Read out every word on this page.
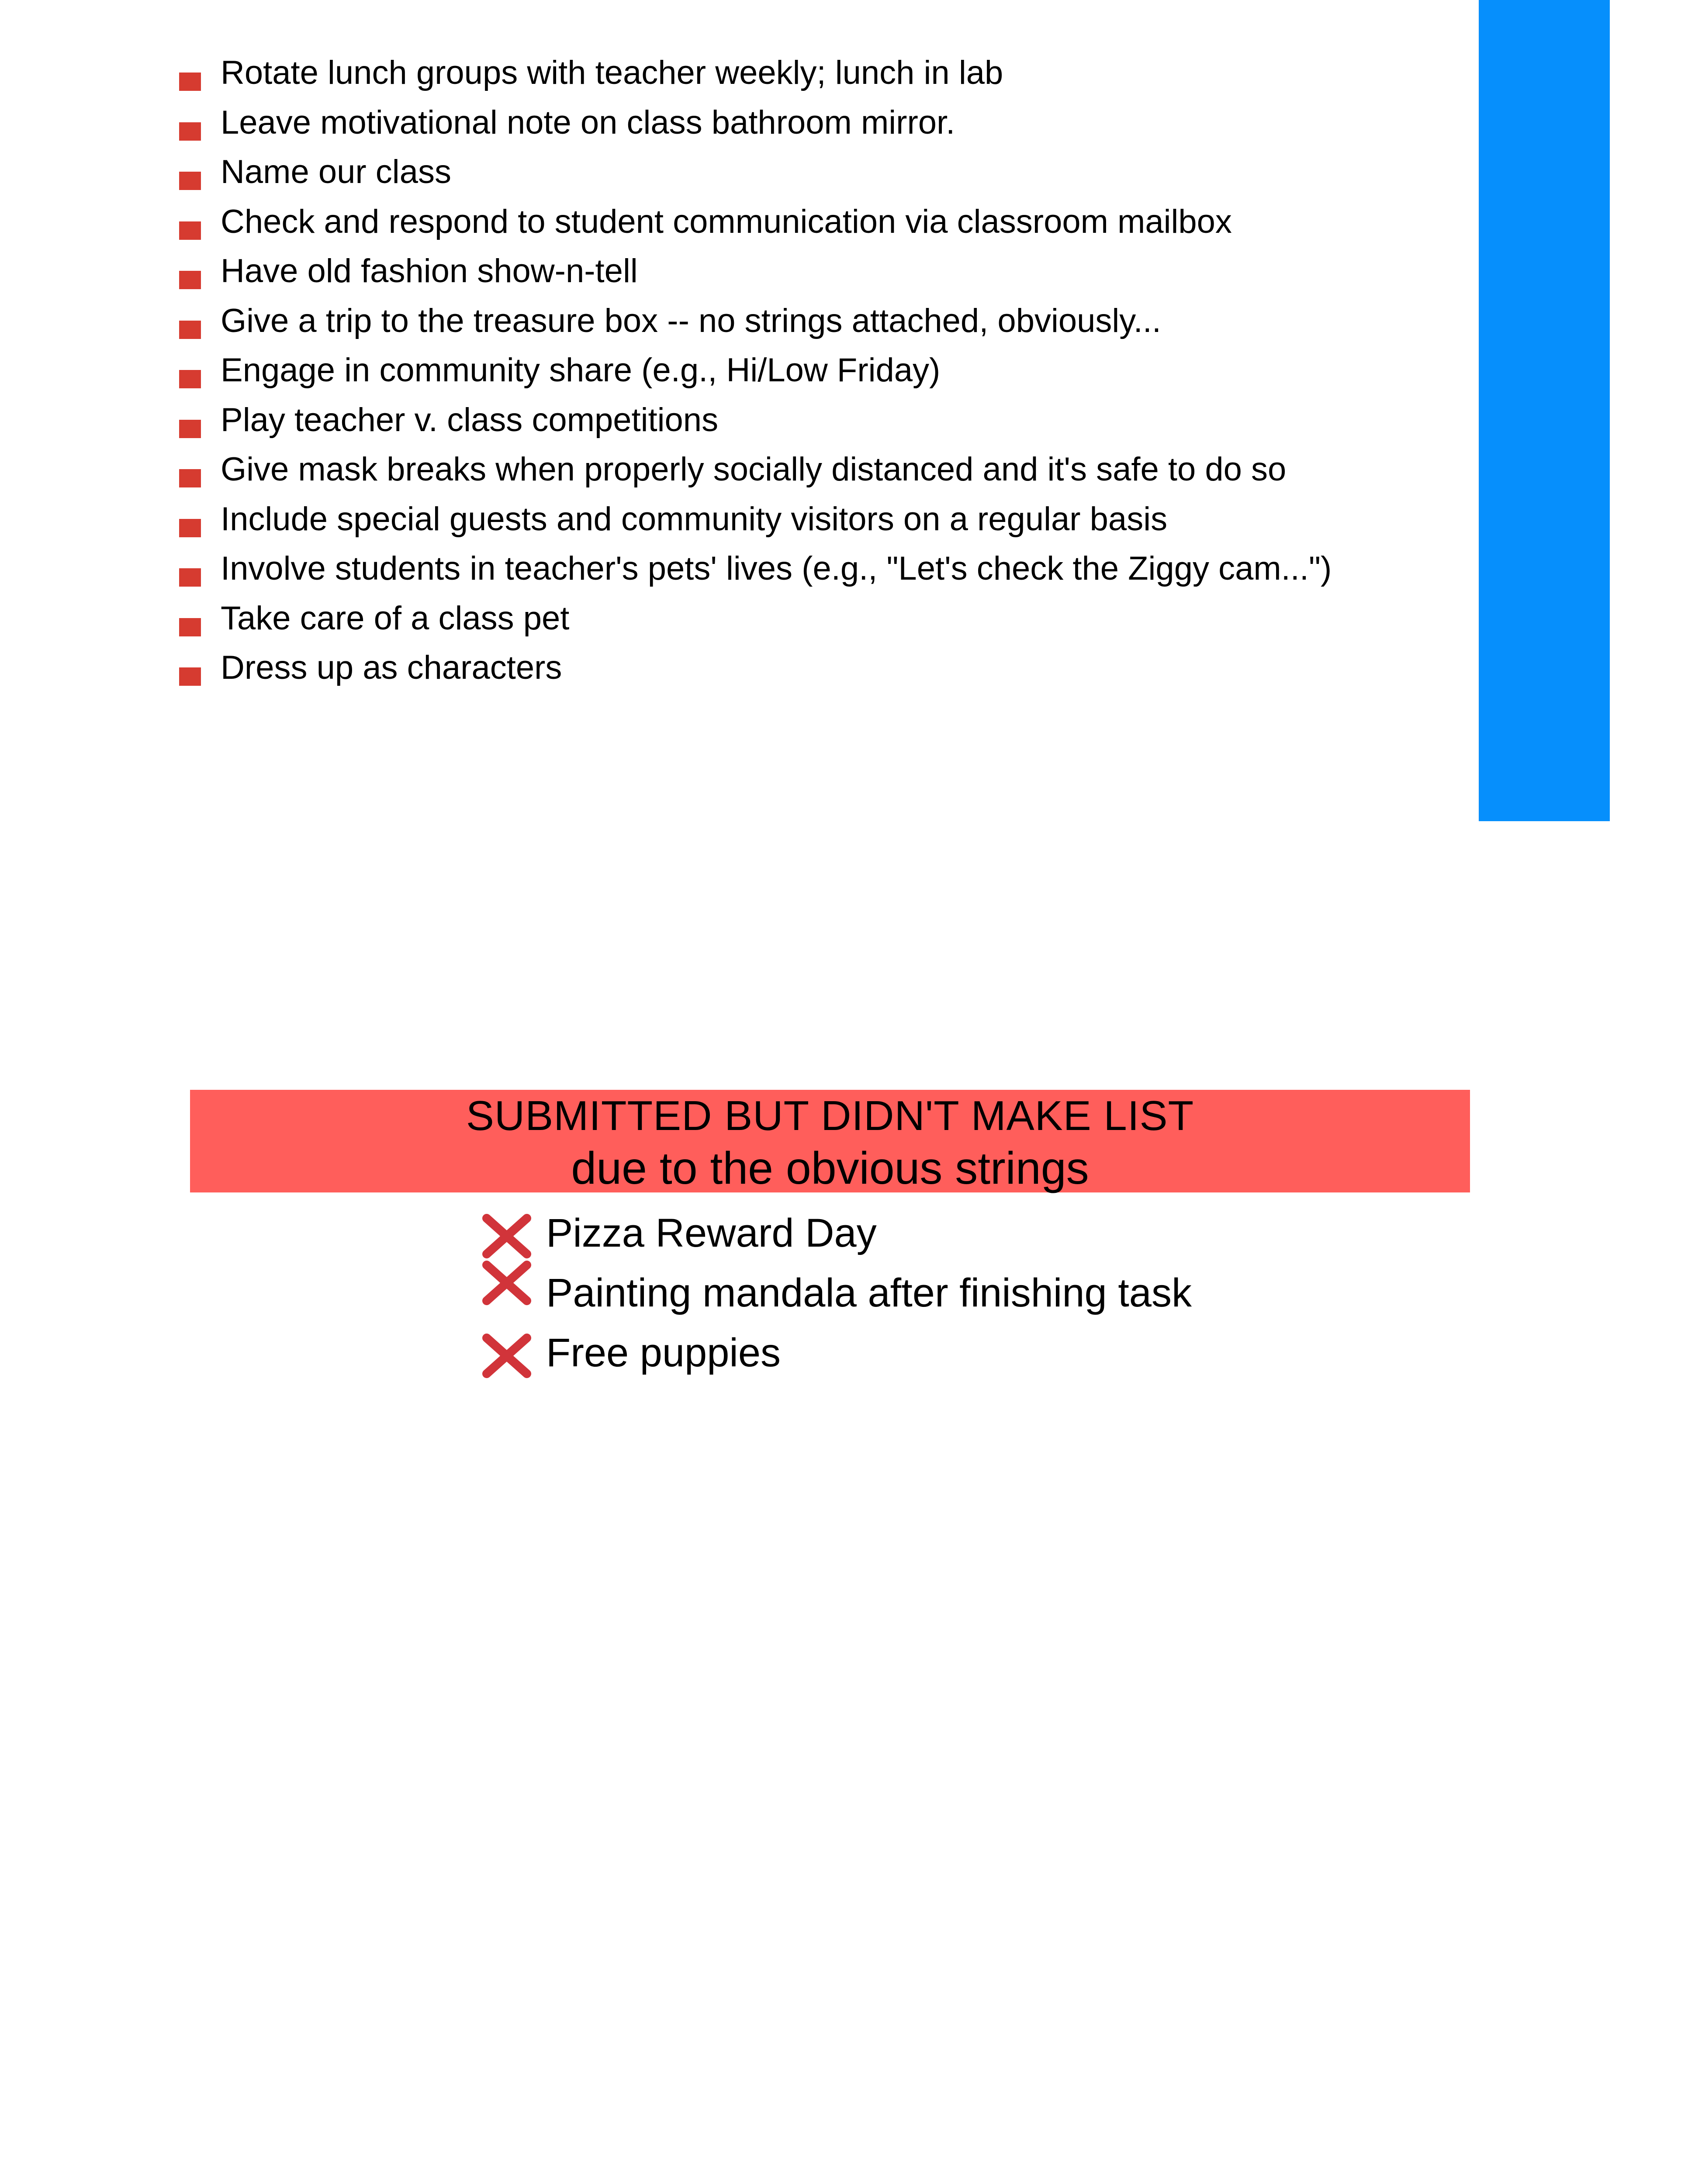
Rotate lunch groups with teacher weekly; lunch in lab
Leave motivational note on class bathroom mirror.
Name our class
Check and respond to student communication via classroom mailbox
Have old fashion show-n-tell
Give a trip to the treasure box -- no strings attached, obviously...
Engage in community share (e.g., Hi/Low Friday)
Play teacher v. class competitions
Give mask breaks when properly socially distanced and it's safe to do so
Include special guests and community visitors on a regular basis
Involve students in teacher's pets' lives (e.g., "Let's check the Ziggy cam...")
Take care of a class pet
Dress up as characters
SUBMITTED BUT DIDN'T MAKE LIST
due to the obvious strings
Pizza Reward Day
Painting mandala after finishing task
Free puppies
